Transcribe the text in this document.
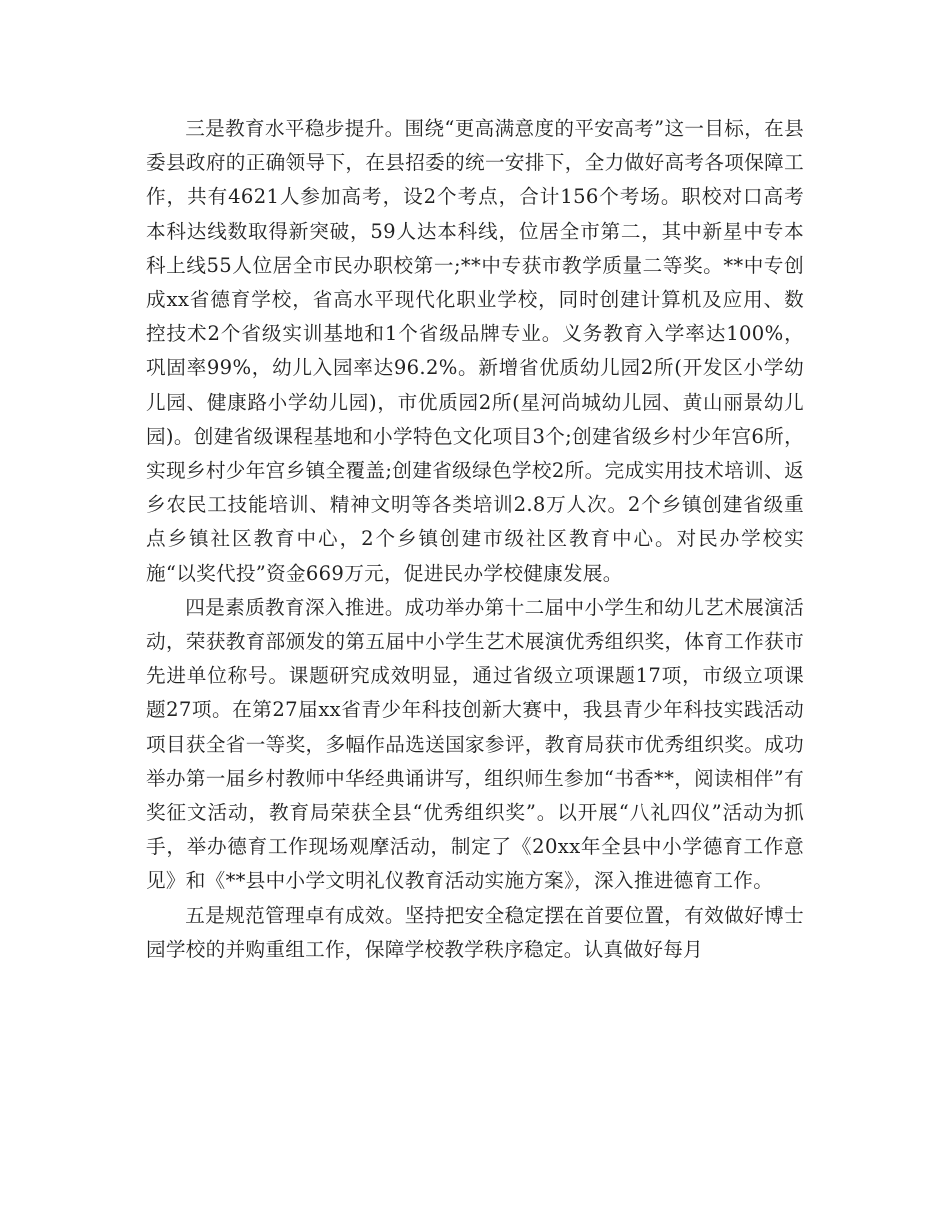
三是教育水平稳步提升。围绕“更高满意度的平安高考”这一目标，在县委县政府的正确领导下，在县招委的统一安排下，全力做好高考各项保障工作，共有4621人参加高考，设2个考点，合计156个考场。职校对口高考本科达线数取得新突破，59人达本科线，位居全市第二，其中新星中专本科上线55人位居全市民办职校第一;**中专获市教学质量二等奖。**中专创成xx省德育学校，省高水平现代化职业学校，同时创建计算机及应用、数控技术2个省级实训基地和1个省级品牌专业。义务教育入学率达100%，巩固率99%，幼儿入园率达96.2%。新增省优质幼儿园2所(开发区小学幼儿园、健康路小学幼儿园)，市优质园2所(星河尚城幼儿园、黄山丽景幼儿园)。创建省级课程基地和小学特色文化项目3个;创建省级乡村少年宫6所，实现乡村少年宫乡镇全覆盖;创建省级绿色学校2所。完成实用技术培训、返乡农民工技能培训、精神文明等各类培训2.8万人次。2个乡镇创建省级重点乡镇社区教育中心，2个乡镇创建市级社区教育中心。对民办学校实施“以奖代投”资金669万元，促进民办学校健康发展。

四是素质教育深入推进。成功举办第十二届中小学生和幼儿艺术展演活动，荣获教育部颁发的第五届中小学生艺术展演优秀组织奖，体育工作获市先进单位称号。课题研究成效明显，通过省级立项课题17项，市级立项课题27项。在第27届xx省青少年科技创新大赛中，我县青少年科技实践活动项目获全省一等奖，多幅作品选送国家参评，教育局获市优秀组织奖。成功举办第一届乡村教师中华经典诵讲写，组织师生参加“书香**，阅读相伴”有奖征文活动，教育局荣获全县“优秀组织奖”。以开展“八礼四仪”活动为抓手，举办德育工作现场观摩活动，制定了《20xx年全县中小学德育工作意见》和《**县中小学文明礼仪教育活动实施方案》，深入推进德育工作。

五是规范管理卓有成效。坚持把安全稳定摆在首要位置，有效做好博士园学校的并购重组工作，保障学校教学秩序稳定。认真做好每月
